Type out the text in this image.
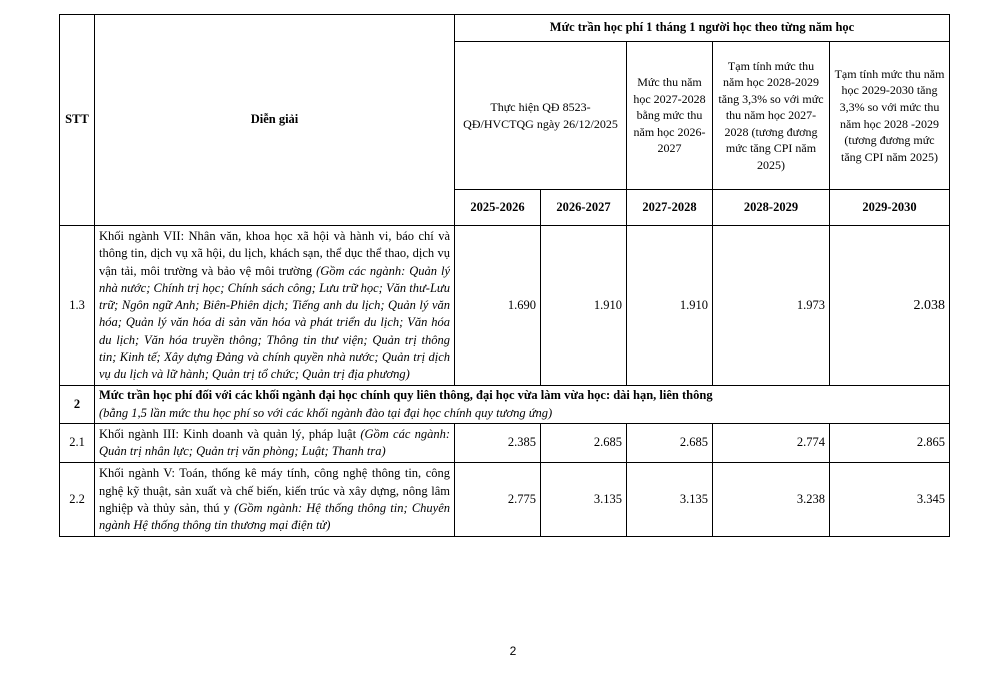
STT	Diễn giải	Mức trần học phí 1 tháng 1 người học theo từng năm học				
		Thực hiện QĐ 8523-QĐ/HVCTQG ngày 26/12/2025		Mức thu năm học 2027-2028 bằng mức thu năm học 2026-2027	Tạm tính mức thu năm học 2028-2029 tăng 3,3% so với mức thu năm học 2027-2028 (tương đương mức tăng CPI năm 2025)	Tạm tính mức thu năm học 2029-2030 tăng 3,3% so với mức thu năm học 2028 -2029 (tương đương mức tăng CPI năm 2025)
		2025-2026	2026-2027	2027-2028	2028-2029	2029-2030
1.3	Khối ngành VII: Nhân văn, khoa học xã hội và hành vi, báo chí và thông tin, dịch vụ xã hội, du lịch, khách sạn, thể dục thể thao, dịch vụ vận tải, môi trường và bảo vệ môi trường (Gồm các ngành: Quản lý nhà nước; Chính trị học; Chính sách công; Lưu trữ học; Văn thư-Lưu trữ; Ngôn ngữ Anh; Biên-Phiên dịch; Tiếng anh du lịch; Quản lý văn hóa; Quản lý văn hóa di sản văn hóa và phát triển du lịch; Văn hóa du lịch; Văn hóa truyền thông; Thông tin thư viện; Quản trị thông tin; Kinh tế; Xây dựng Đảng và chính quyền nhà nước; Quản trị dịch vụ du lịch và lữ hành; Quản trị tổ chức; Quản trị địa phương)	1.690	1.910	1.910	1.973	2.038
2	Mức trần học phí đối với các khối ngành đại học chính quy liên thông, đại học vừa làm vừa học: dài hạn, liên thông
(bằng 1,5 lần mức thu học phí so với các khối ngành đào tại đại học chính quy tương ứng)					
2.1	Khối ngành III: Kinh doanh và quản lý, pháp luật (Gồm các ngành: Quản trị nhân lực; Quản trị văn phòng; Luật; Thanh tra)	2.385	2.685	2.685	2.774	2.865
2.2	Khối ngành V: Toán, thống kê máy tính, công nghệ thông tin, công nghệ kỹ thuật, sản xuất và chế biến, kiến trúc và xây dựng, nông lâm nghiệp và thủy sản, thú y (Gồm ngành: Hệ thống thông tin; Chuyên ngành Hệ thống thông tin thương mại điện tử)	2.775	3.135	3.135	3.238	3.345
2
